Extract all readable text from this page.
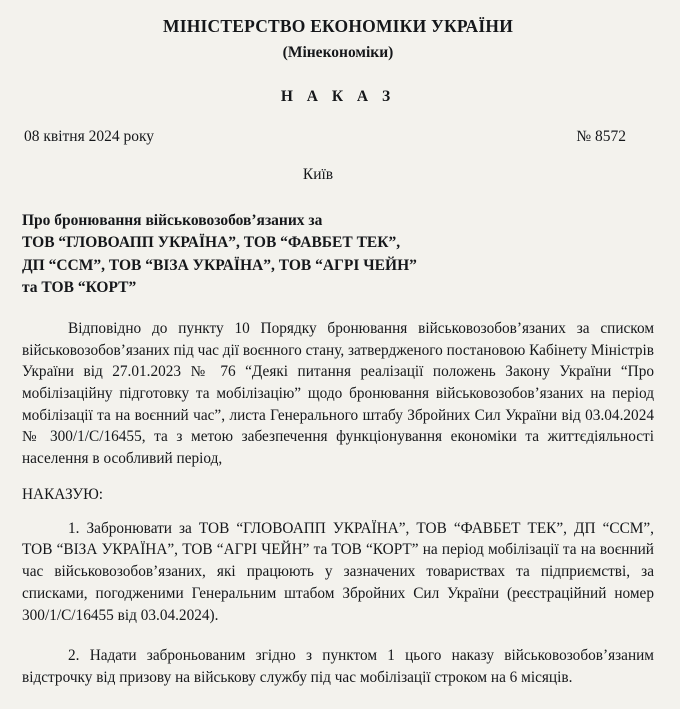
МІНІСТЕРСТВО ЕКОНОМІКИ УКРАЇНИ
(Мінекономіки)
Н А К А З
08 квітня 2024 року	№ 8572
Київ
Про бронювання військовозобов’язаних за
ТОВ “ГЛОВОАПП УКРАЇНА”, ТОВ “ФАВБЕТ ТЕК”,
ДП “ССМ”, ТОВ “ВІЗА УКРАЇНА”, ТОВ “АГРІ ЧЕЙН”
та ТОВ “КОРТ”
Відповідно до пункту 10 Порядку бронювання військовозобов’язаних за списком військовозобов’язаних під час дії воєнного стану, затвердженого постановою Кабінету Міністрів України від 27.01.2023 № 76 “Деякі питання реалізації положень Закону України “Про мобілізаційну підготовку та мобілізацію” щодо бронювання військовозобов’язаних на період мобілізації та на воєнний час”, листа Генерального штабу Збройних Сил України від 03.04.2024 № 300/1/С/16455, та з метою забезпечення функціонування економіки та життєдіяльності населення в особливий період,
НАКАЗУЮ:
1. Забронювати за ТОВ “ГЛОВОАПП УКРАЇНА”, ТОВ “ФАВБЕТ ТЕК”, ДП “ССМ”, ТОВ “ВІЗА УКРАЇНА”, ТОВ “АГРІ ЧЕЙН” та ТОВ “КОРТ” на період мобілізації та на воєнний час військовозобов’язаних, які працюють у зазначених товариствах та підприємстві, за списками, погодженими Генеральним штабом Збройних Сил України (реєстраційний номер 300/1/С/16455 від 03.04.2024).
2. Надати заброньованим згідно з пунктом 1 цього наказу військовозобов’язаним відстрочку від призову на військову службу під час мобілізації строком на 6 місяців.
